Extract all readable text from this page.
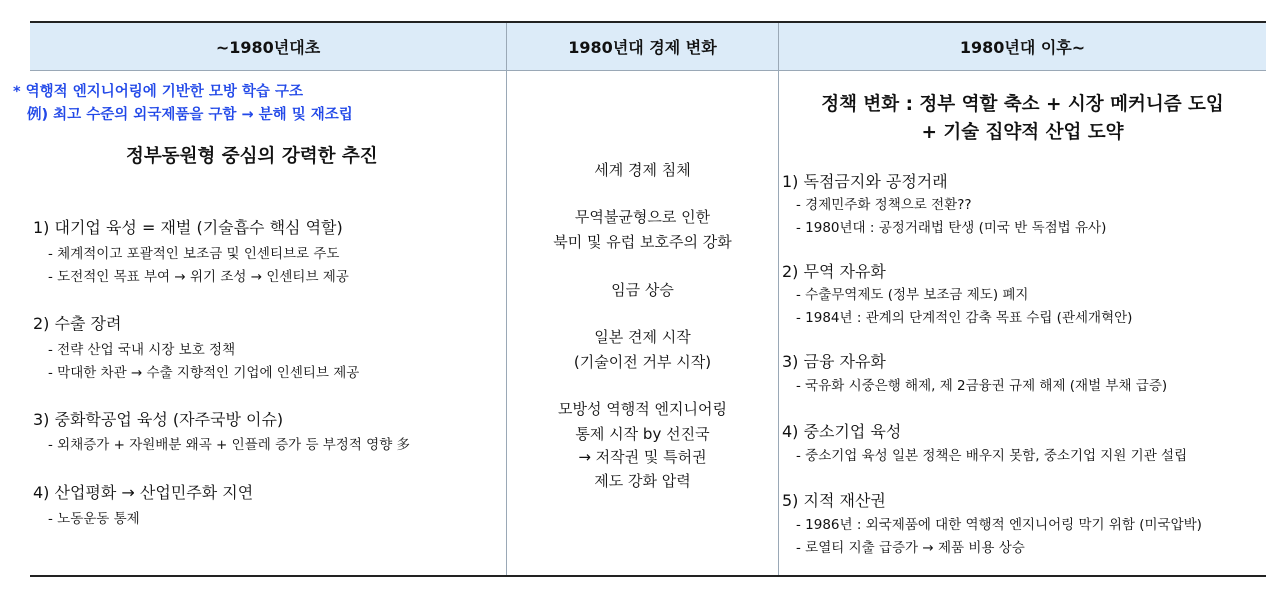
~1980년대초	1980년대 경제 변화	1980년대 이후~
* 역행적 엔지니어링에 기반한 모방 학습 구조
例) 최고 수준의 외국제품을 구함 → 분해 및 재조립
정부동원형 중심의 강력한 추진
1) 대기업 육성 = 재벌 (기술흡수 핵심 역할)
- 체계적이고 포괄적인 보조금 및 인센티브로 주도
- 도전적인 목표 부여 → 위기 조성 → 인센티브 제공
2) 수출 장려
- 전략 산업 국내 시장 보호 정책
- 막대한 차관 → 수출 지향적인 기업에 인센티브 제공
3) 중화학공업 육성 (자주국방 이슈)
- 외채증가 + 자원배분 왜곡 + 인플레 증가 등 부정적 영향 多
4) 산업평화 → 산업민주화 지연
- 노동운동 통제
세계 경제 침체
무역불균형으로 인한
북미 및 유럽 보호주의 강화
임금 상승
일본 견제 시작
(기술이전 거부 시작)
모방성 역행적 엔지니어링
통제 시작 by 선진국
→ 저작권 및 특허권
제도 강화 압력
정책 변화 : 정부 역할 축소 + 시장 메커니즘 도입
+ 기술 집약적 산업 도약
1) 독점금지와 공정거래
- 경제민주화 정책으로 전환??
- 1980년대 : 공정거래법 탄생 (미국 반 독점법 유사)
2) 무역 자유화
- 수출무역제도 (정부 보조금 제도) 폐지
- 1984년 : 관계의 단계적인 감축 목표 수립 (관세개혁안)
3) 금융 자유화
- 국유화 시중은행 해제, 제 2금융권 규제 해제 (재벌 부채 급증)
4) 중소기업 육성
- 중소기업 육성 일본 정책은 배우지 못함, 중소기업 지원 기관 설립
5) 지적 재산권
- 1986년 : 외국제품에 대한 역행적 엔지니어링 막기 위함 (미국압박)
- 로열티 지출 급증가 → 제품 비용 상승
